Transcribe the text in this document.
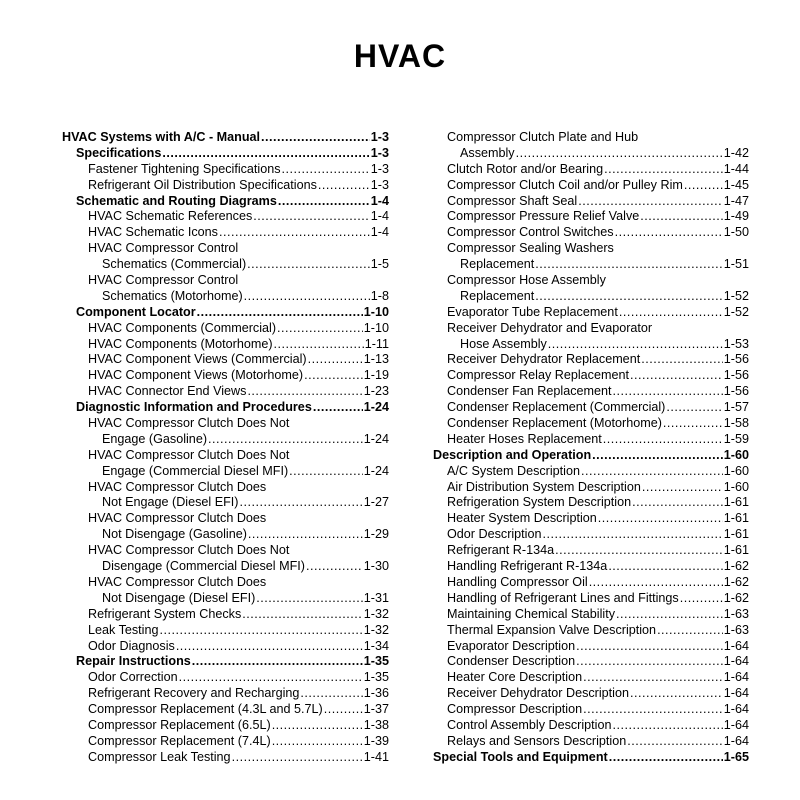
HVAC
HVAC Systems with A/C - Manual .....	1-3
Specifications .....	1-3
Fastener Tightening Specifications .....	1-3
Refrigerant Oil Distribution Specifications .....	1-3
Schematic and Routing Diagrams .....	1-4
HVAC Schematic References .....	1-4
HVAC Schematic Icons .....	1-4
HVAC Compressor Control
Schematics (Commercial) .....	1-5
HVAC Compressor Control
Schematics (Motorhome) .....	1-8
Component Locator .....	1-10
HVAC Components (Commercial) .....	1-10
HVAC Components (Motorhome) .....	1-11
HVAC Component Views (Commercial) .....	1-13
HVAC Component Views (Motorhome) .....	1-19
HVAC Connector End Views .....	1-23
Diagnostic Information and Procedures .....	1-24
HVAC Compressor Clutch Does Not
Engage (Gasoline) .....	1-24
HVAC Compressor Clutch Does Not
Engage (Commercial Diesel MFI) .....	1-24
HVAC Compressor Clutch Does
Not Engage (Diesel EFI) .....	1-27
HVAC Compressor Clutch Does
Not Disengage (Gasoline) .....	1-29
HVAC Compressor Clutch Does Not
Disengage (Commercial Diesel MFI) .....	1-30
HVAC Compressor Clutch Does
Not Disengage (Diesel EFI) .....	1-31
Refrigerant System Checks .....	1-32
Leak Testing .....	1-32
Odor Diagnosis .....	1-34
Repair Instructions .....	1-35
Odor Correction .....	1-35
Refrigerant Recovery and Recharging .....	1-36
Compressor Replacement (4.3L and 5.7L) .....	1-37
Compressor Replacement (6.5L) .....	1-38
Compressor Replacement (7.4L) .....	1-39
Compressor Leak Testing .....	1-41
Compressor Clutch Plate and Hub
Assembly .....	1-42
Clutch Rotor and/or Bearing .....	1-44
Compressor Clutch Coil and/or Pulley Rim .....	1-45
Compressor Shaft Seal .....	1-47
Compressor Pressure Relief Valve .....	1-49
Compressor Control Switches .....	1-50
Compressor Sealing Washers
Replacement .....	1-51
Compressor Hose Assembly
Replacement .....	1-52
Evaporator Tube Replacement .....	1-52
Receiver Dehydrator and Evaporator
Hose Assembly .....	1-53
Receiver Dehydrator Replacement .....	1-56
Compressor Relay Replacement .....	1-56
Condenser Fan Replacement .....	1-56
Condenser Replacement (Commercial) .....	1-57
Condenser Replacement (Motorhome) .....	1-58
Heater Hoses Replacement .....	1-59
Description and Operation .....	1-60
A/C System Description .....	1-60
Air Distribution System Description .....	1-60
Refrigeration System Description .....	1-61
Heater System Description .....	1-61
Odor Description .....	1-61
Refrigerant R-134a .....	1-61
Handling Refrigerant R-134a .....	1-62
Handling Compressor Oil .....	1-62
Handling of Refrigerant Lines and Fittings .....	1-62
Maintaining Chemical Stability .....	1-63
Thermal Expansion Valve Description .....	1-63
Evaporator Description .....	1-64
Condenser Description .....	1-64
Heater Core Description .....	1-64
Receiver Dehydrator Description .....	1-64
Compressor Description .....	1-64
Control Assembly Description .....	1-64
Relays and Sensors Description .....	1-64
Special Tools and Equipment .....	1-65
